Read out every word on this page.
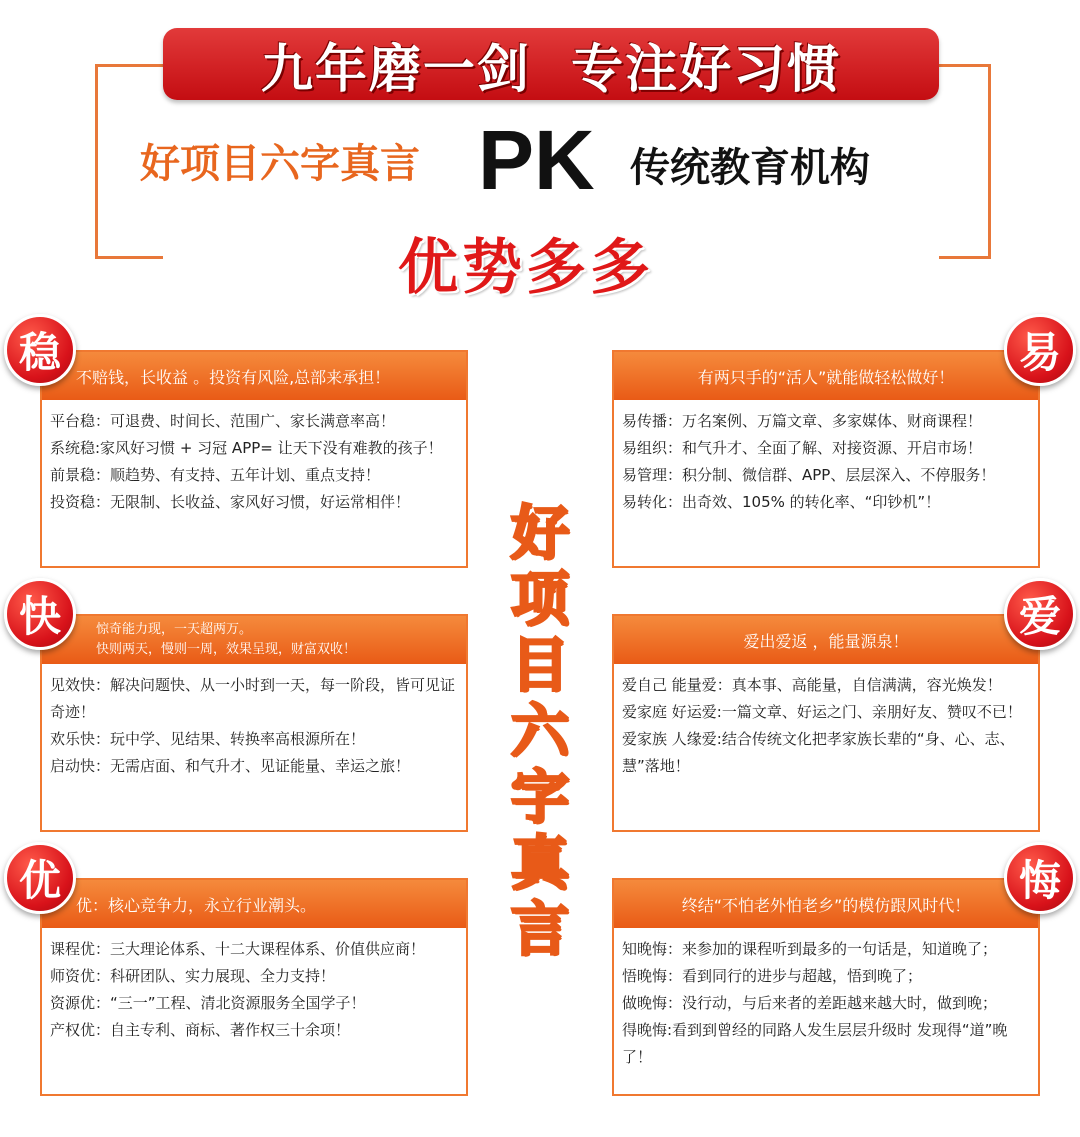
九年磨一剑  专注好习惯
好项目六字真言 PK 传统教育机构
优势多多
好
项
目
六
字
真
言
不赔钱，长收益 。投资有风险,总部来承担！

平台稳：可退费、时间长、范围广、家长满意率高！

系统稳:家风好习惯 + 习冠 APP= 让天下没有难教的孩子！

前景稳：顺趋势、有支持、五年计划、重点支持！

投资稳：无限制、长收益、家风好习惯，好运常相伴！

稳	有两只手的“活人”就能做轻松做好！

易传播：万名案例、万篇文章、多家媒体、财商课程！

易组织：和气升才、全面了解、对接资源、开启市场！

易管理：积分制、微信群、APP、层层深入、不停服务！

易转化：出奇效、105% 的转化率、“印钞机”！

易
惊奇能力现，一天超两万。
快则两天，慢则一周，效果呈现，财富双收！

见效快：解决问题快、从一小时到一天，每一阶段，皆可见证奇迹！

欢乐快：玩中学、见结果、转换率高根源所在！

启动快：无需店面、和气升才、见证能量、幸运之旅！

快	爱出爱返 ，能量源泉！

爱自己 能量爱：真本事、高能量，自信满满，容光焕发！

爱家庭 好运爱:一篇文章、好运之门、亲朋好友、赞叹不已！

爱家族 人缘爱:结合传统文化把孝家族长辈的“身、心、志、慧”落地！

爱
优：核心竞争力，永立行业潮头。

课程优：三大理论体系、十二大课程体系、价值供应商！

师资优：科研团队、实力展现、全力支持！

资源优：“三一”工程、清北资源服务全国学子！

产权优：自主专利、商标、著作权三十余项！

优	终结“不怕老外怕老乡”的模仿跟风时代！

知晚悔：来参加的课程听到最多的一句话是，知道晚了；

悟晚悔：看到同行的进步与超越，悟到晚了；

做晚悔：没行动，与后来者的差距越来越大时，做到晚；

得晚悔:看到到曾经的同路人发生层层升级时 发现得“道”晚了！

悔
